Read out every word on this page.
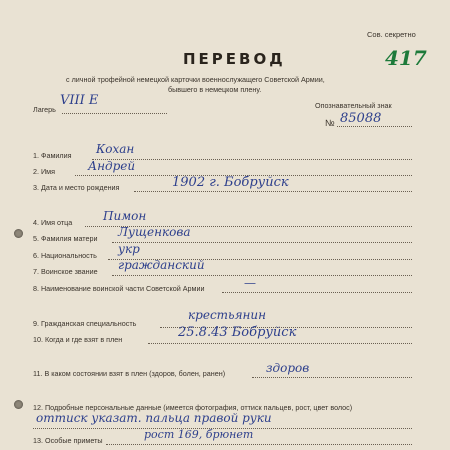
Сов. секретно
417
ПЕРЕВОД
с личной трофейной немецкой карточки военнослужащего Советской Армии,
бывшего в немецком плену.
Лагерь
VIII E	Опознавательный знак
№ 85088
1. Фамилия Кохан
2. Имя	Андрей
3. Дата и место рождения	1902 г. Бобруйск
4. Имя отца	Пимон
5. Фамилия матери Лущенкова
6. Национальность укр
7. Воинское звание гражданский
8. Наименование воинской части Советской Армии	—
9. Гражданская специальность
крестьянин
10. Когда и где взят в плен	25.8.43 Бобруйск
11. В каком состоянии взят в плен (здоров, болен, ранен)	здоров
12. Подробные персональные данные (имеется фотография, оттиск пальцев, рост, цвет волос)
оттиск указат. пальца правой руки
13. Особые приметы	рост 169, брюнет
